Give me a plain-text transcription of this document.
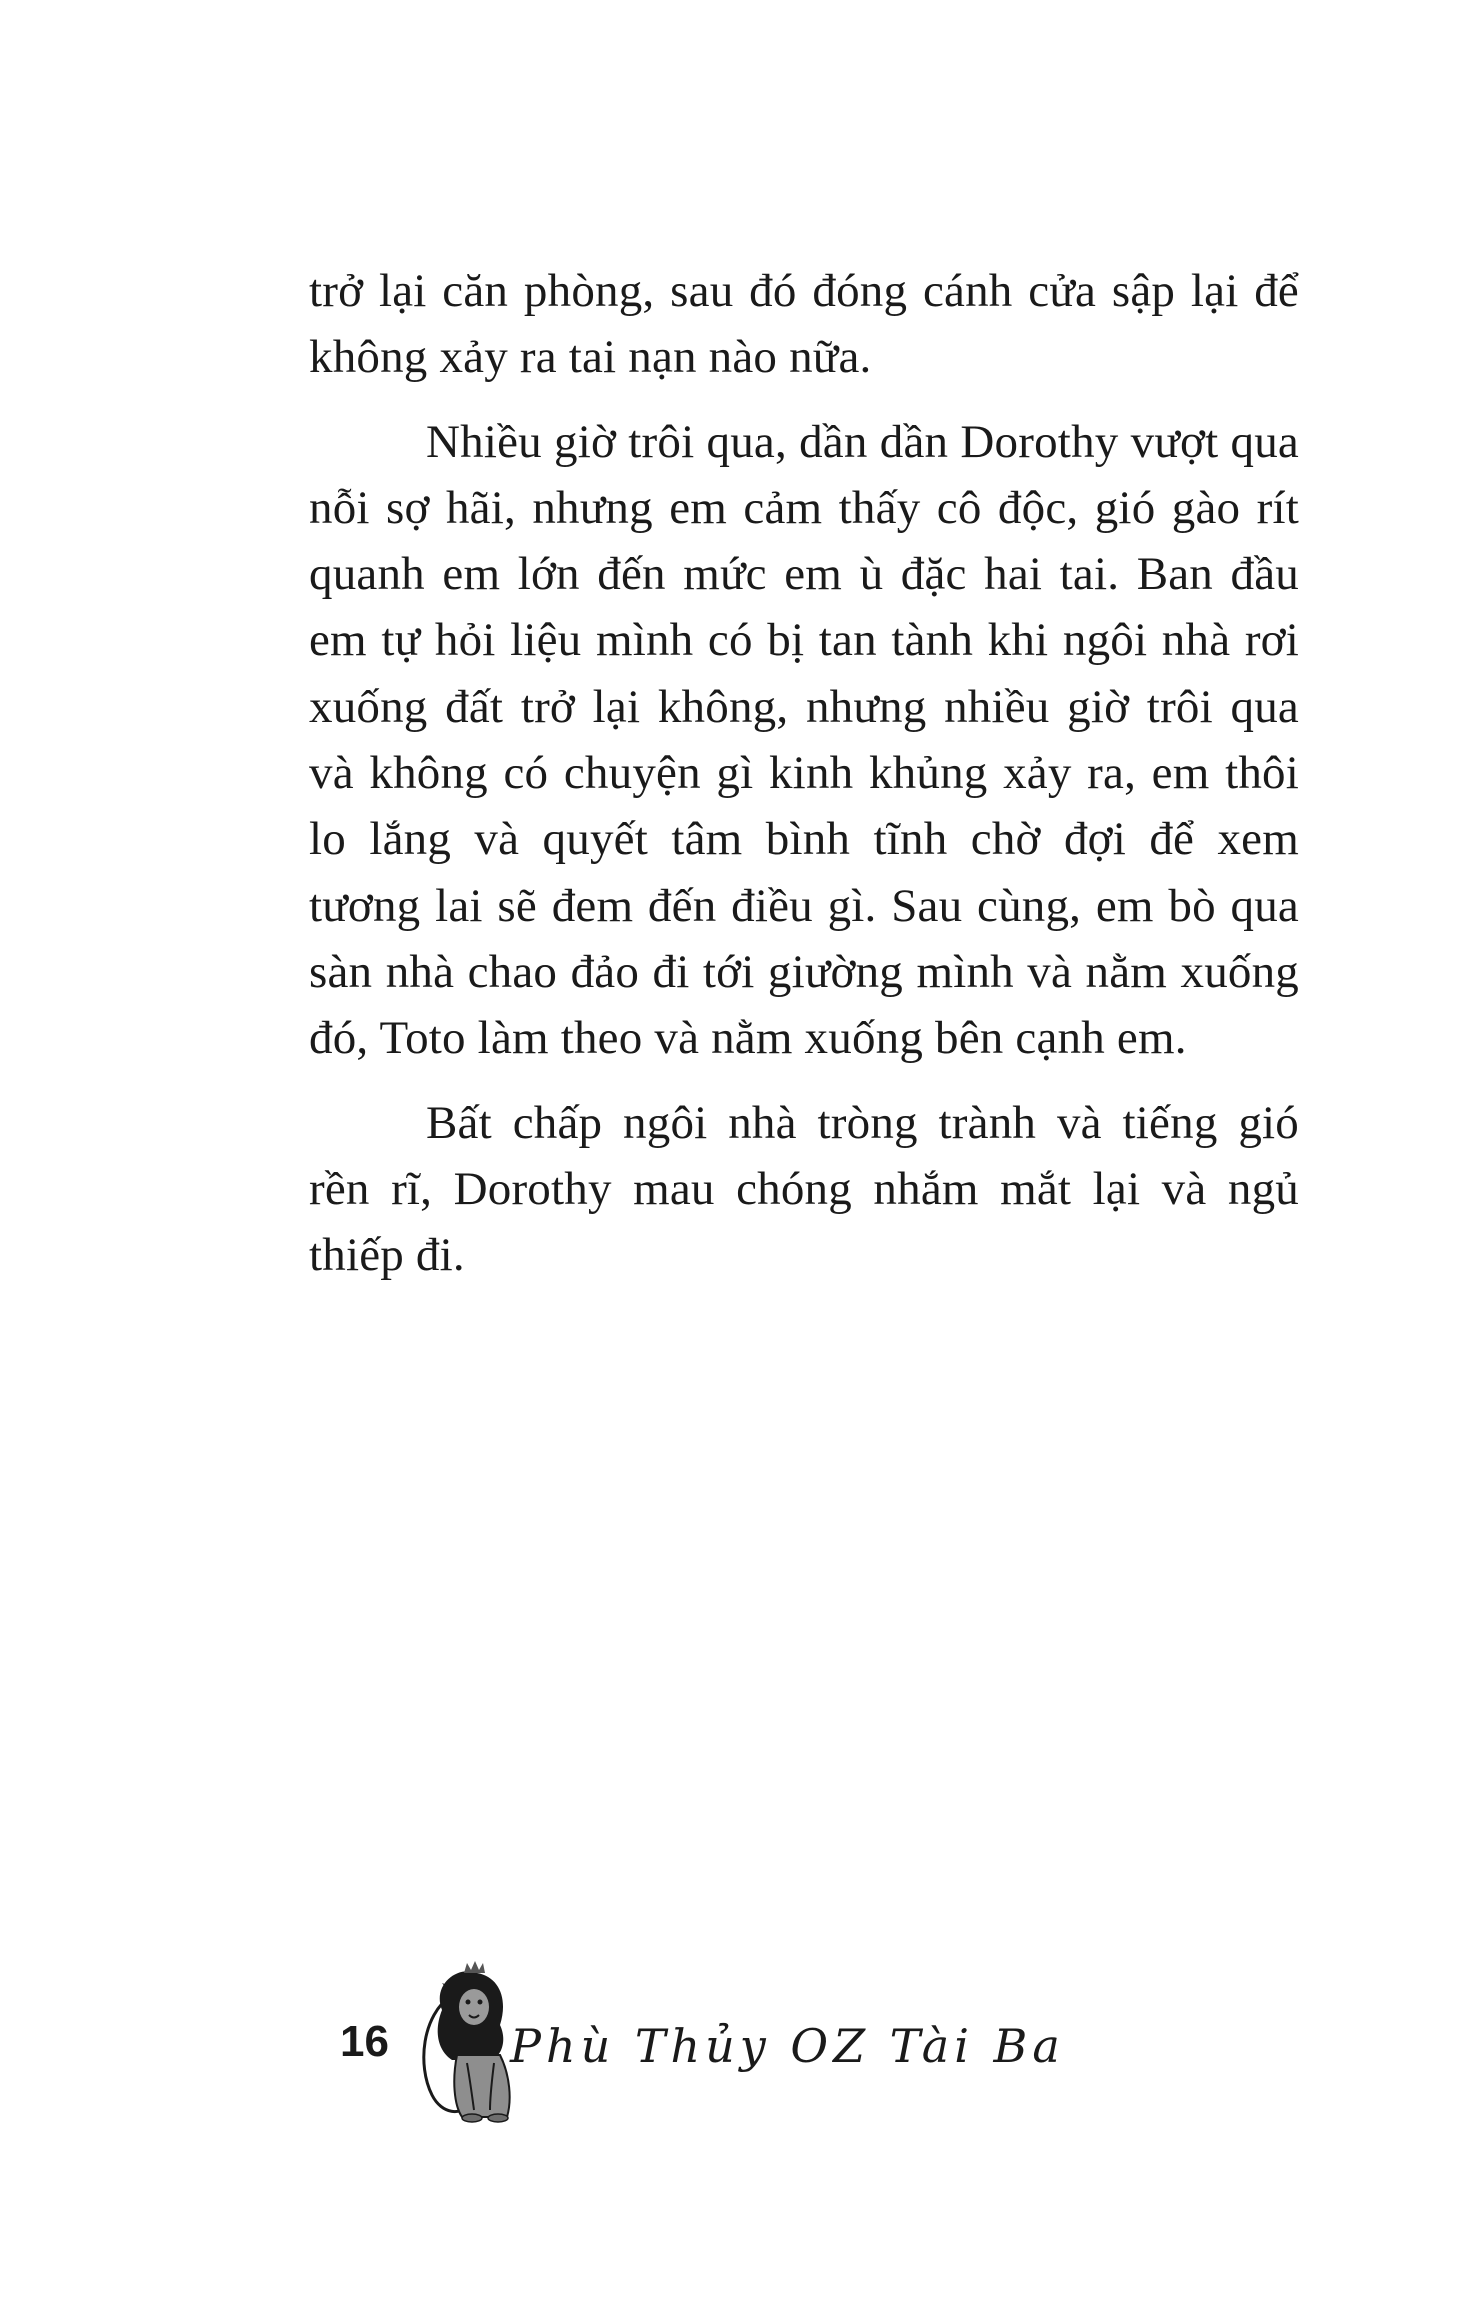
trở lại căn phòng, sau đó đóng cánh cửa sập lại để không xảy ra tai nạn nào nữa.

Nhiều giờ trôi qua, dần dần Dorothy vượt qua nỗi sợ hãi, nhưng em cảm thấy cô độc, gió gào rít quanh em lớn đến mức em ù đặc hai tai. Ban đầu em tự hỏi liệu mình có bị tan tành khi ngôi nhà rơi xuống đất trở lại không, nhưng nhiều giờ trôi qua và không có chuyện gì kinh khủng xảy ra, em thôi lo lắng và quyết tâm bình tĩnh chờ đợi để xem tương lai sẽ đem đến điều gì. Sau cùng, em bò qua sàn nhà chao đảo đi tới giường mình và nằm xuống đó, Toto làm theo và nằm xuống bên cạnh em.

Bất chấp ngôi nhà tròng trành và tiếng gió rền rĩ, Dorothy mau chóng nhắm mắt lại và ngủ thiếp đi.

16	Phù Thủy OZ Tài Ba
